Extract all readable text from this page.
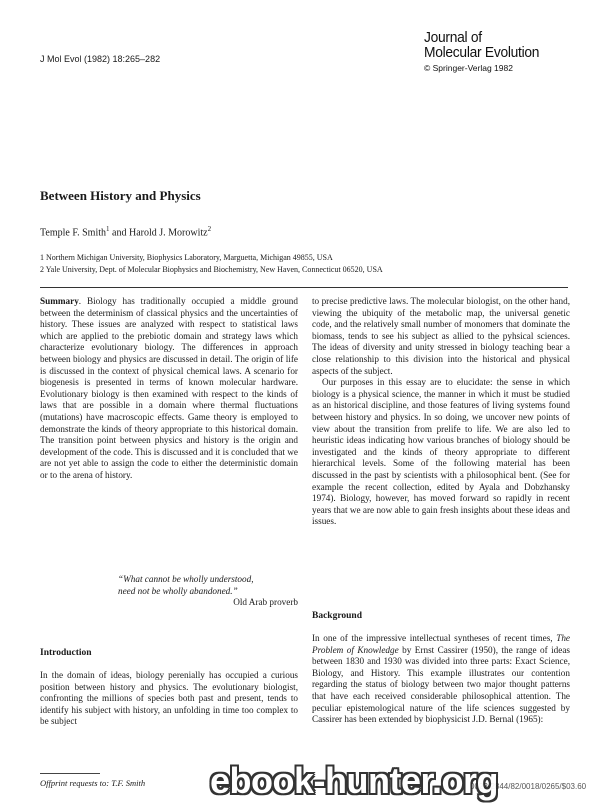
J Mol Evol (1982) 18:265–282
Journal of
Molecular Evolution
© Springer-Verlag 1982
Between History and Physics
Temple F. Smith$^1$ and Harold J. Morowitz$^2$
1 Northern Michigan University, Biophysics Laboratory, Marguetta, Michigan 49855, USA
2 Yale University, Dept. of Molecular Biophysics and Biochemistry, New Haven, Connecticut 06520, USA

Summary. Biology has traditionally occupied a middle ground between the determinism of classical physics and the uncertainties of history. These issues are analyzed with respect to statistical laws which are applied to the prebiotic domain and strategy laws which characterize evolutionary biology. The differences in approach between biology and physics are discussed in detail. The origin of life is discussed in the context of physical chemical laws. A scenario for biogenesis is presented in terms of known molecular hardware. Evolutionary biology is then examined with respect to the kinds of laws that are possible in a domain where thermal fluctuations (mutations) have macroscopic effects. Game theory is employed to demonstrate the kinds of theory appropriate to this historical domain. The transition point between physics and history is the origin and development of the code. This is discussed and it is concluded that we are not yet able to assign the code to either the deterministic domain or to the arena of history.

“What cannot be wholly understood,
need not be wholly abandoned.”
Old Arab proverb

to precise predictive laws. The molecular biologist, on the other hand, viewing the ubiquity of the metabolic map, the universal genetic code, and the relatively small number of monomers that dominate the biomass, tends to see his subject as allied to the pyhsical sciences. The ideas of diversity and unity stressed in biology teaching bear a close relationship to this division into the historical and physical aspects of the subject.

Our purposes in this essay are to elucidate: the sense in which biology is a physical science, the manner in which it must be studied as an historical discipline, and those features of living systems found between history and physics. In so doing, we uncover new points of view about the transition from prelife to life. We are also led to heuristic ideas indicating how various branches of biology should be investigated and the kinds of theory appropriate to different hierarchical levels. Some of the following material has been discussed in the past by scientists with a philosophical bent. (See for example the recent collection, edited by Ayala and Dobzhansky 1974). Biology, however, has moved forward so rapidly in recent years that we are now able to gain fresh insights about these ideas and issues.

Introduction

In the domain of ideas, biology perenially has occupied a curious position between history and physics. The evolutionary biologist, confronting the millions of species both past and present, tends to identify his subject with history, an unfolding in time too complex to be subject

Background

In one of the impressive intellectual syntheses of recent times, The Problem of Knowledge by Ernst Cassirer (1950), the range of ideas between 1830 and 1930 was divided into three parts: Exact Science, Biology, and History. This example illustrates our contention regarding the status of biology between two major thought patterns that have each received considerable philosophical attention. The peculiar epistemological nature of the life sciences suggested by Cassirer has been extended by biophysicist J.D. Bernal (1965):

Offprint requests to: T.F. Smith	0022-2844/82/0018/0265/$03.60
ebook-hunter.org
